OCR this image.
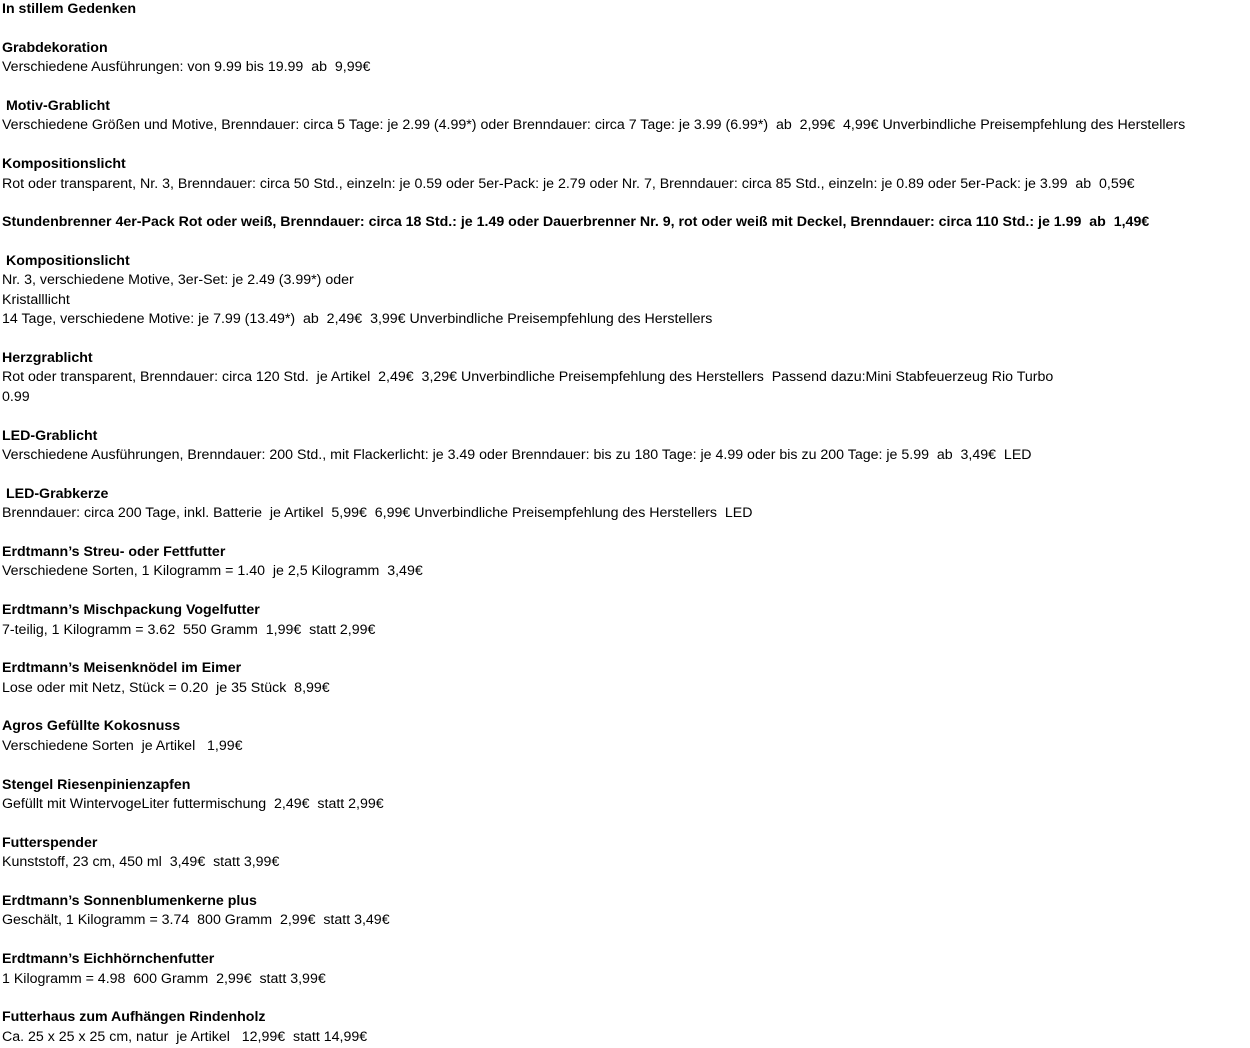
In stillem Gedenken
Grabdekoration
Verschiedene Ausführungen: von 9.99 bis 19.99  ab  9,99€
Motiv-Grablicht
Verschiedene Größen und Motive, Brenndauer: circa 5 Tage: je 2.99 (4.99*) oder Brenndauer: circa 7 Tage: je 3.99 (6.99*)  ab  2,99€  4,99€ Unverbindliche Preisempfehlung des Herstellers
Kompositionslicht
Rot oder transparent, Nr. 3, Brenndauer: circa 50 Std., einzeln: je 0.59 oder 5er-Pack: je 2.79 oder Nr. 7, Brenndauer: circa 85 Std., einzeln: je 0.89 oder 5er-Pack: je 3.99  ab  0,59€
Stundenbrenner 4er-Pack Rot oder weiß, Brenndauer: circa 18 Std.: je 1.49 oder Dauerbrenner Nr. 9, rot oder weiß mit Deckel, Brenndauer: circa 110 Std.: je 1.99  ab  1,49€
Kompositionslicht
Nr. 3, verschiedene Motive, 3er-Set: je 2.49 (3.99*) oder
Kristalllicht
14 Tage, verschiedene Motive: je 7.99 (13.49*)  ab  2,49€  3,99€ Unverbindliche Preisempfehlung des Herstellers
Herzgrablicht
Rot oder transparent, Brenndauer: circa 120 Std.  je Artikel  2,49€  3,29€ Unverbindliche Preisempfehlung des Herstellers  Passend dazu:Mini Stabfeuerzeug Rio Turbo
0.99
LED-Grablicht
Verschiedene Ausführungen, Brenndauer: 200 Std., mit Flackerlicht: je 3.49 oder Brenndauer: bis zu 180 Tage: je 4.99 oder bis zu 200 Tage: je 5.99  ab  3,49€  LED
LED-Grabkerze
Brenndauer: circa 200 Tage, inkl. Batterie  je Artikel  5,99€  6,99€ Unverbindliche Preisempfehlung des Herstellers  LED
Erdtmann’s Streu- oder Fettfutter
Verschiedene Sorten, 1 Kilogramm = 1.40  je 2,5 Kilogramm  3,49€
Erdtmann’s Mischpackung Vogelfutter
7-teilig, 1 Kilogramm = 3.62  550 Gramm  1,99€  statt 2,99€
Erdtmann’s Meisenknödel im Eimer
Lose oder mit Netz, Stück = 0.20  je 35 Stück  8,99€
Agros Gefüllte Kokosnuss
Verschiedene Sorten  je Artikel   1,99€
Stengel Riesenpinienzapfen
Gefüllt mit WintervogeLiter futtermischung  2,49€  statt 2,99€
Futterspender
Kunststoff, 23 cm, 450 ml  3,49€  statt 3,99€
Erdtmann’s Sonnenblumenkerne plus
Geschält, 1 Kilogramm = 3.74  800 Gramm  2,99€  statt 3,49€
Erdtmann’s Eichhörnchenfutter
1 Kilogramm = 4.98  600 Gramm  2,99€  statt 3,99€
Futterhaus zum Aufhängen Rindenholz
Ca. 25 x 25 x 25 cm, natur  je Artikel   12,99€  statt 14,99€
